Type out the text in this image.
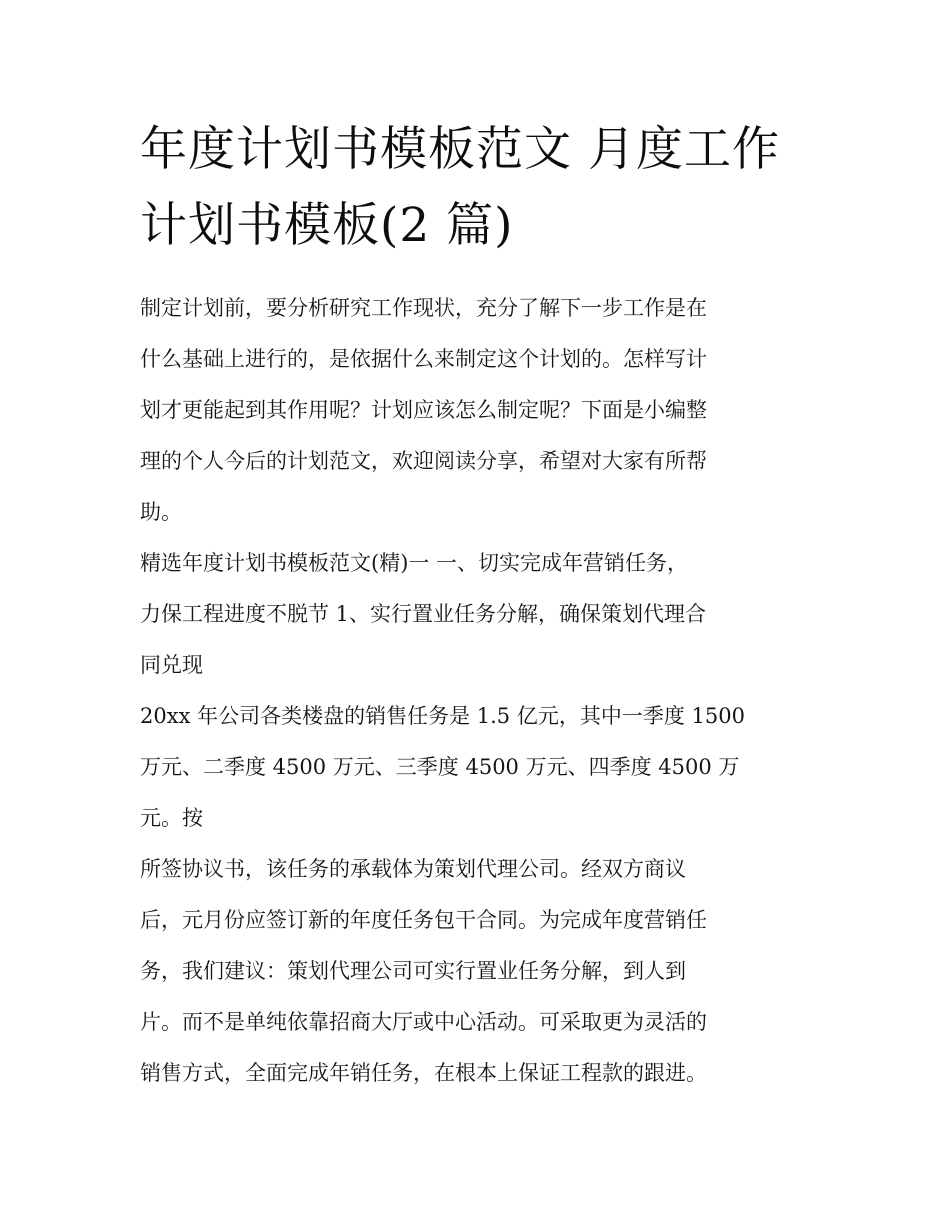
年度计划书模板范文 月度工作
计划书模板(2 篇)

制定计划前，要分析研究工作现状，充分了解下一步工作是在
什么基础上进行的，是依据什么来制定这个计划的。怎样写计
划才更能起到其作用呢？计划应该怎么制定呢？下面是小编整
理的个人今后的计划范文，欢迎阅读分享，希望对大家有所帮
助。

精选年度计划书模板范文(精)一 一、切实完成年营销任务，
力保工程进度不脱节 1、实行置业任务分解，确保策划代理合
同兑现

20xx 年公司各类楼盘的销售任务是 1.5 亿元，其中一季度 1500
万元、二季度 4500 万元、三季度 4500 万元、四季度 4500 万
元。按

所签协议书，该任务的承载体为策划代理公司。经双方商议
后，元月份应签订新的年度任务包干合同。为完成年度营销任
务，我们建议：策划代理公司可实行置业任务分解，到人到
片。而不是单纯依靠招商大厅或中心活动。可采取更为灵活的
销售方式，全面完成年销任务，在根本上保证工程款的跟进。
